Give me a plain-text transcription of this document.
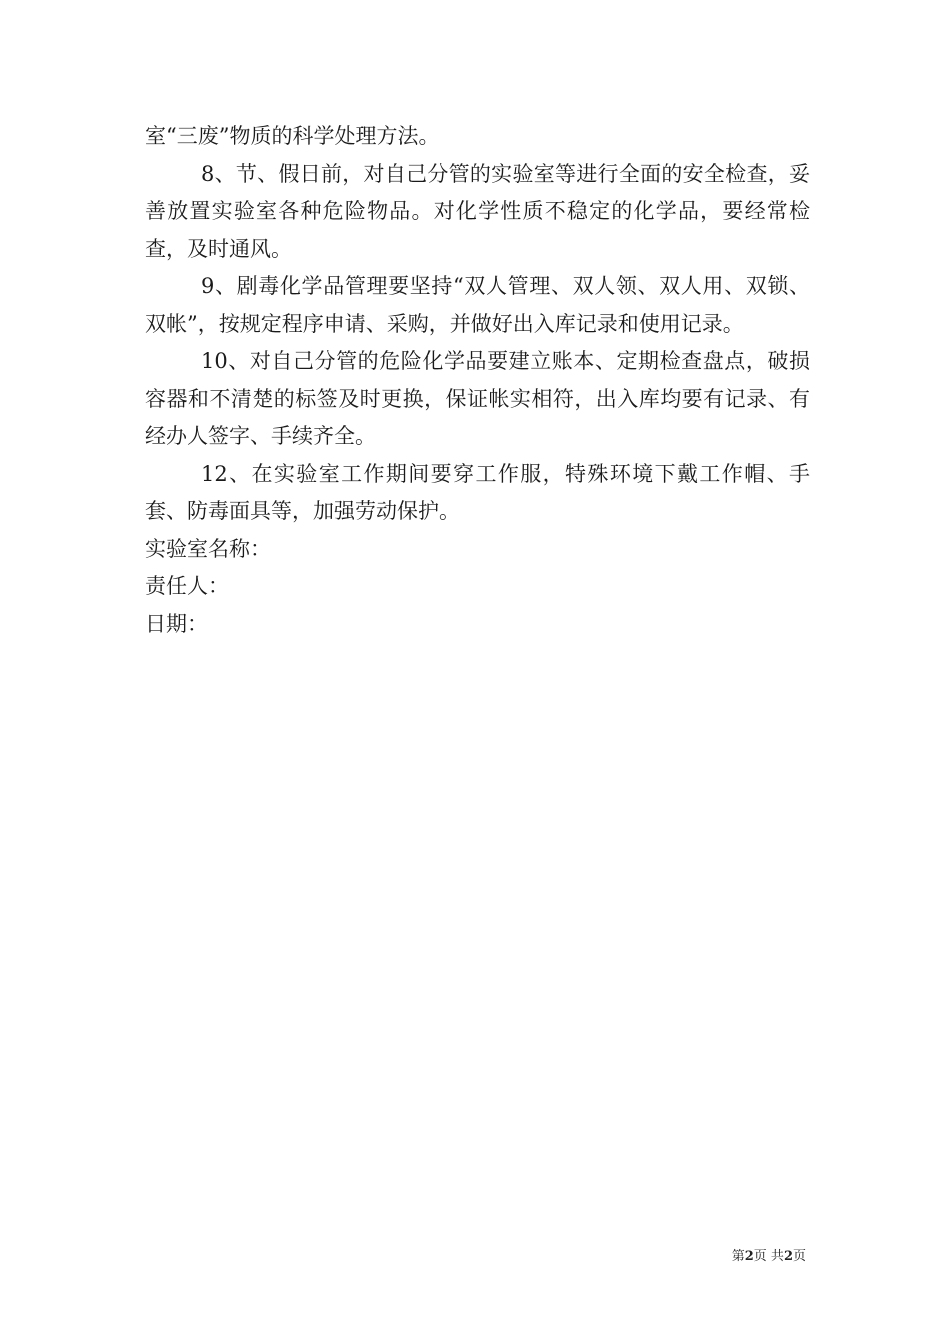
室“三废”物质的科学处理方法。

8、节、假日前，对自己分管的实验室等进行全面的安全检查，妥善放置实验室各种危险物品。对化学性质不稳定的化学品，要经常检查，及时通风。

9、剧毒化学品管理要坚持“双人管理、双人领、双人用、双锁、双帐”，按规定程序申请、采购，并做好出入库记录和使用记录。

10、对自己分管的危险化学品要建立账本、定期检查盘点，破损容器和不清楚的标签及时更换，保证帐实相符，出入库均要有记录、有经办人签字、手续齐全。

12、在实验室工作期间要穿工作服，特殊环境下戴工作帽、手套、防毒面具等，加强劳动保护。

实验室名称：

责任人：

日期：

第2页 共2页
